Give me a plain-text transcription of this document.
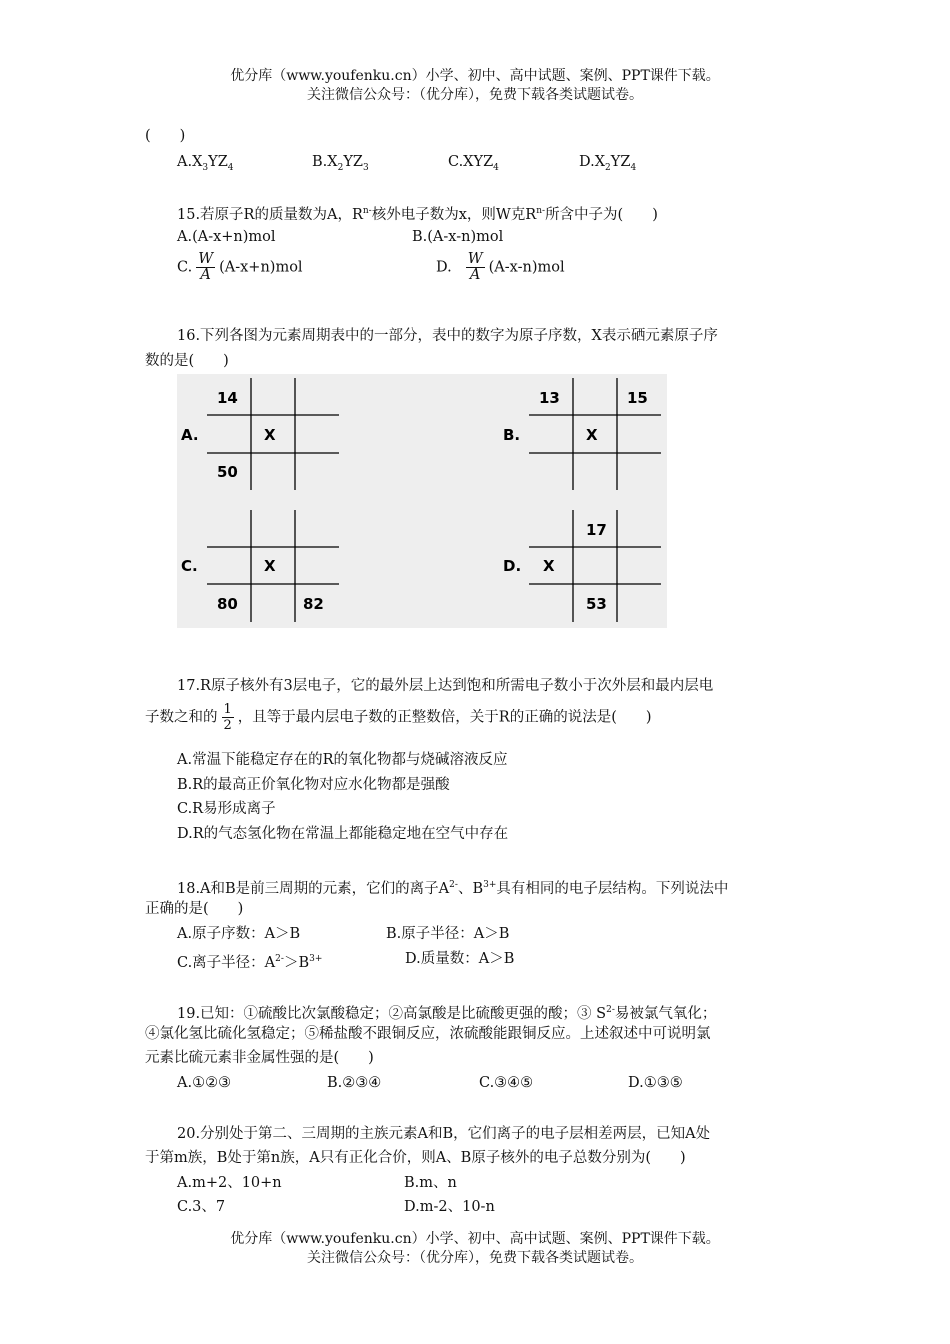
优分库（www.youfenku.cn）小学、初中、高中试题、案例、PPT课件下载。
关注微信公众号：（优分库），免费下载各类试题试卷。
(　　)
$A.X_3YZ_4$	$B.X_2YZ_3$	$C.XYZ_4$	$D.X_2YZ_4$
15.若原子R的质量数为A，$R^{n-}$核外电子数为x，则W克$R^{n-}$所含中子为(　　)
A.(A-x+n)mol	B.(A-x-n)mol
C. $\frac{W}{A} (A-x+n)mol$	D. $\frac{W}{A} (A-x-n)mol$
16.下列各图为元素周期表中的一部分，表中的数字为原子序数，X表示硒元素原子序
数的是(　　)
A.
14
X
50
B.
13	15
X
C.	X
80	82
D.
17
X
53
17.R原子核外有3层电子，它的最外层上达到饱和所需电子数小于次外层和最内层电
子数之和的 $\frac{1}{2}$ ，且等于最内层电子数的正整数倍，关于R的正确的说法是(　　)
A.常温下能稳定存在的R的氧化物都与烧碱溶液反应
B.R的最高正价氧化物对应水化物都是强酸
C.R易形成离子
D.R的气态氢化物在常温上都能稳定地在空气中存在
18.A和B是前三周期的元素，它们的离子$A^{2-}$、$B^{3+}$具有相同的电子层结构。下列说法中
正确的是(　　)
A.原子序数：A＞B	B.原子半径：A＞B
C.离子半径：$A^{2-}>B^{3+}$	D.质量数：A＞B
19.已知：①硫酸比次氯酸稳定；②高氯酸是比硫酸更强的酸；③ $S^{2-}$易被氯气氧化；
④氯化氢比硫化氢稳定；⑤稀盐酸不跟铜反应，浓硫酸能跟铜反应。上述叙述中可说明氯
元素比硫元素非金属性强的是(　　)
A.①②③	B.②③④	C.③④⑤	D.①③⑤
20.分别处于第二、三周期的主族元素A和B，它们离子的电子层相差两层，已知A处
于第m族，B处于第n族，A只有正化合价，则A、B原子核外的电子总数分别为(　　)
A.m+2、10+n	B.m、n
C.3、7	D.m-2、10-n
优分库（www.youfenku.cn）小学、初中、高中试题、案例、PPT课件下载。
关注微信公众号：（优分库），免费下载各类试题试卷。
